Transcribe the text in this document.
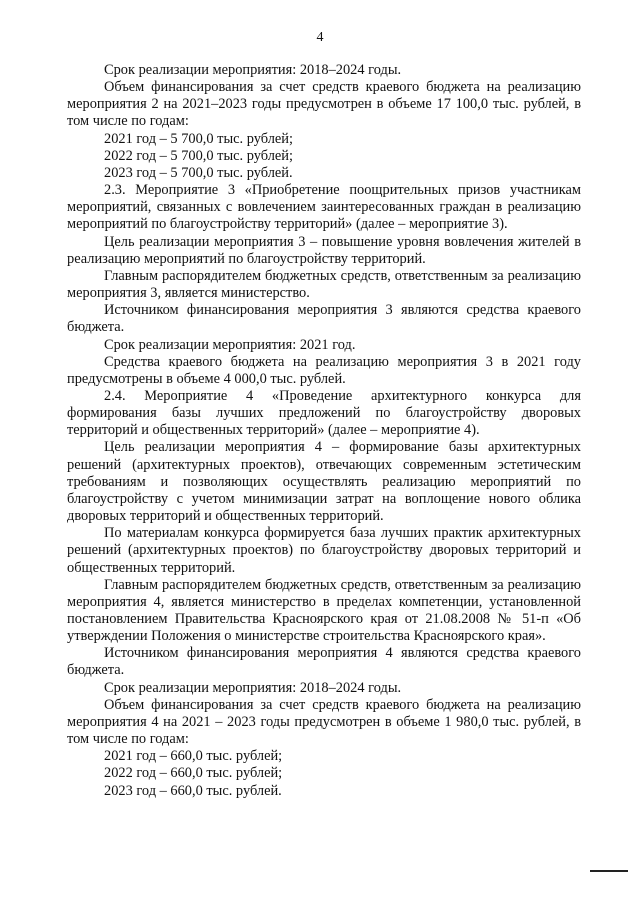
4

Срок реализации мероприятия: 2018–2024 годы.

Объем финансирования за счет средств краевого бюджета на реализацию мероприятия 2 на 2021–2023 годы предусмотрен в объеме 17 100,0 тыс. рублей, в том числе по годам:

2021 год – 5 700,0 тыс. рублей;

2022 год – 5 700,0 тыс. рублей;

2023 год – 5 700,0 тыс. рублей.

2.3. Мероприятие 3 «Приобретение поощрительных призов участникам мероприятий, связанных с вовлечением заинтересованных граждан в реализацию мероприятий по благоустройству территорий» (далее – мероприятие 3).

Цель реализации мероприятия 3 – повышение уровня вовлечения жителей в реализацию мероприятий по благоустройству территорий.

Главным распорядителем бюджетных средств, ответственным за реализацию мероприятия 3, является министерство.

Источником финансирования мероприятия 3 являются средства краевого бюджета.

Срок реализации мероприятия: 2021 год.

Средства краевого бюджета на реализацию мероприятия 3 в 2021 году предусмотрены в объеме 4 000,0 тыс. рублей.

2.4. Мероприятие 4 «Проведение архитектурного конкурса для формирования базы лучших предложений по благоустройству дворовых территорий и общественных территорий» (далее – мероприятие 4).

Цель реализации мероприятия 4 – формирование базы архитектурных решений (архитектурных проектов), отвечающих современным эстетическим требованиям и позволяющих осуществлять реализацию мероприятий по благоустройству с учетом минимизации затрат на воплощение нового облика дворовых территорий и общественных территорий.

По материалам конкурса формируется база лучших практик архитектурных решений (архитектурных проектов) по благоустройству дворовых территорий и общественных территорий.

Главным распорядителем бюджетных средств, ответственным за реализацию мероприятия 4, является министерство в пределах компетенции, установленной постановлением Правительства Красноярского края от 21.08.2008 № 51-п «Об утверждении Положения о министерстве строительства Красноярского края».

Источником финансирования мероприятия 4 являются средства краевого бюджета.

Срок реализации мероприятия: 2018–2024 годы.

Объем финансирования за счет средств краевого бюджета на реализацию мероприятия 4 на 2021 – 2023 годы предусмотрен в объеме 1 980,0 тыс. рублей, в том числе по годам:

2021 год – 660,0 тыс. рублей;

2022 год – 660,0 тыс. рублей;

2023 год – 660,0 тыс. рублей.
